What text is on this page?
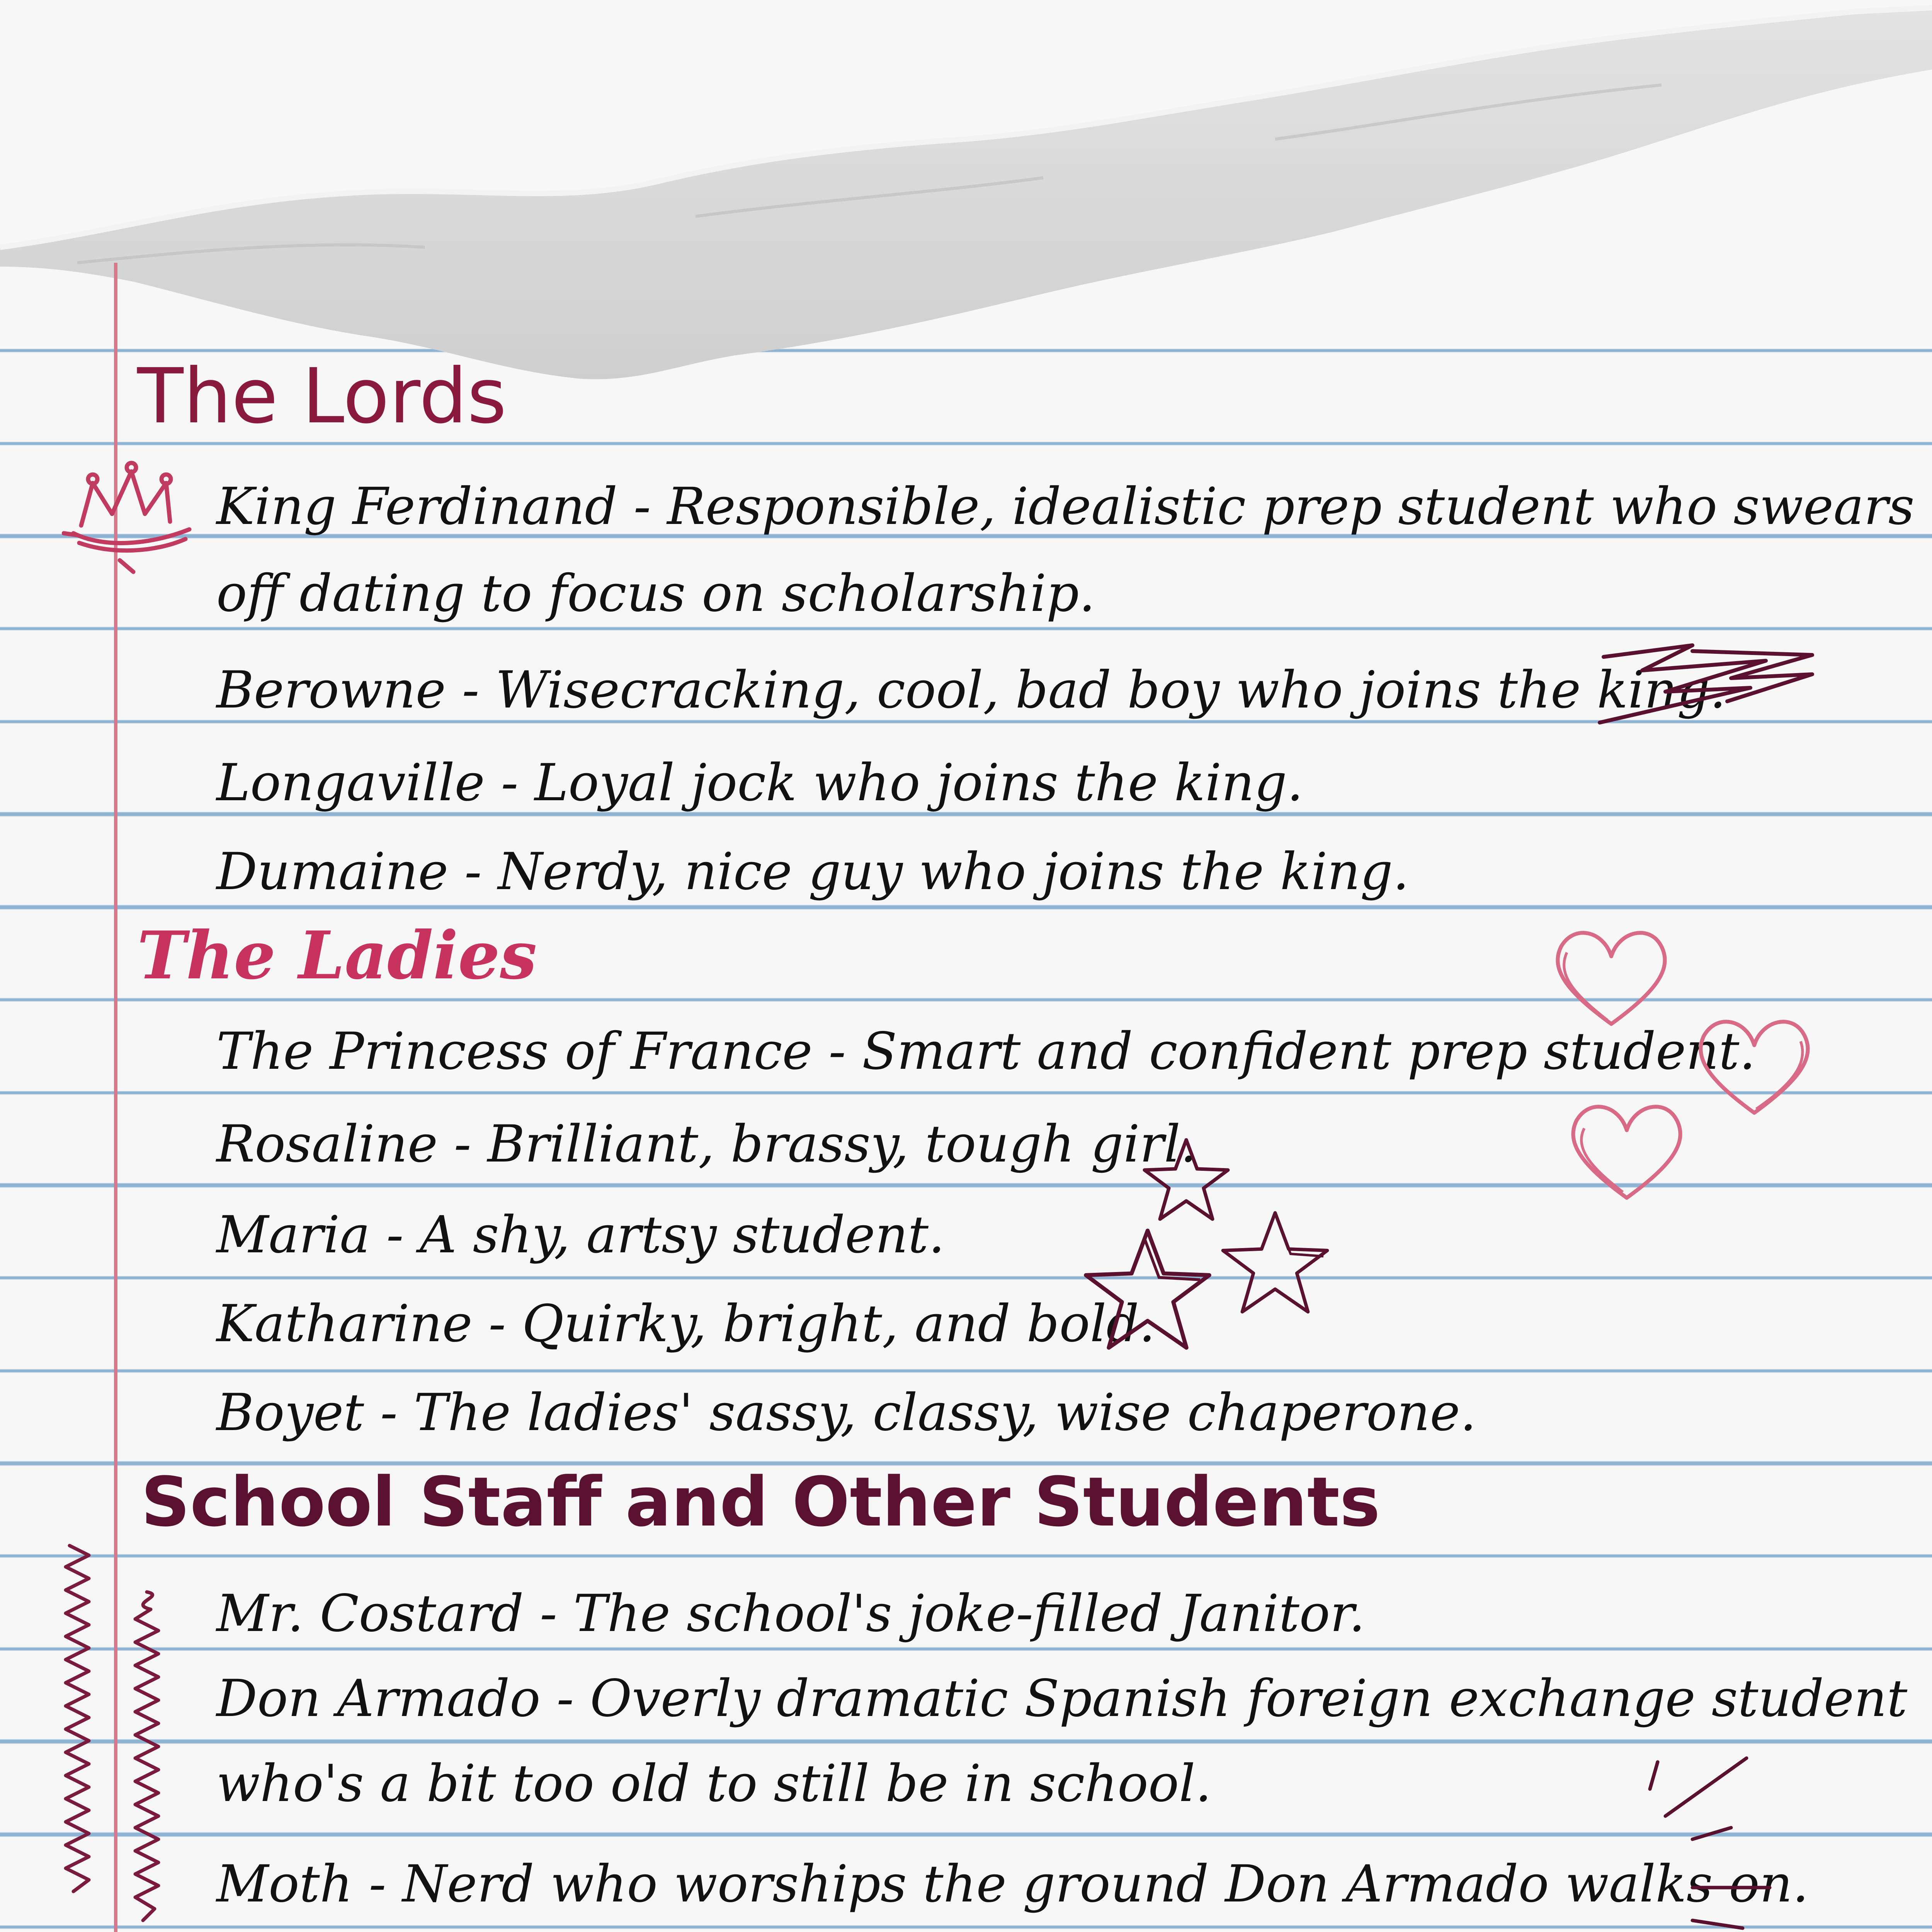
The Lords

King Ferdinand - Responsible, idealistic prep student who swears

off dating to focus on scholarship.

Berowne - Wisecracking, cool, bad boy who joins the king.

Longaville - Loyal jock who joins the king.

Dumaine - Nerdy, nice guy who joins the king.

The Ladies

The Princess of France - Smart and confident prep student.

Rosaline - Brilliant, brassy, tough girl.

Maria - A shy, artsy student.

Katharine - Quirky, bright, and bold.

Boyet - The ladies' sassy, classy, wise chaperone.

School Staff and Other Students

Mr. Costard - The school's joke-filled Janitor.

Don Armado - Overly dramatic Spanish foreign exchange student

who's a bit too old to still be in school.

Moth - Nerd who worships the ground Don Armado walks on.
